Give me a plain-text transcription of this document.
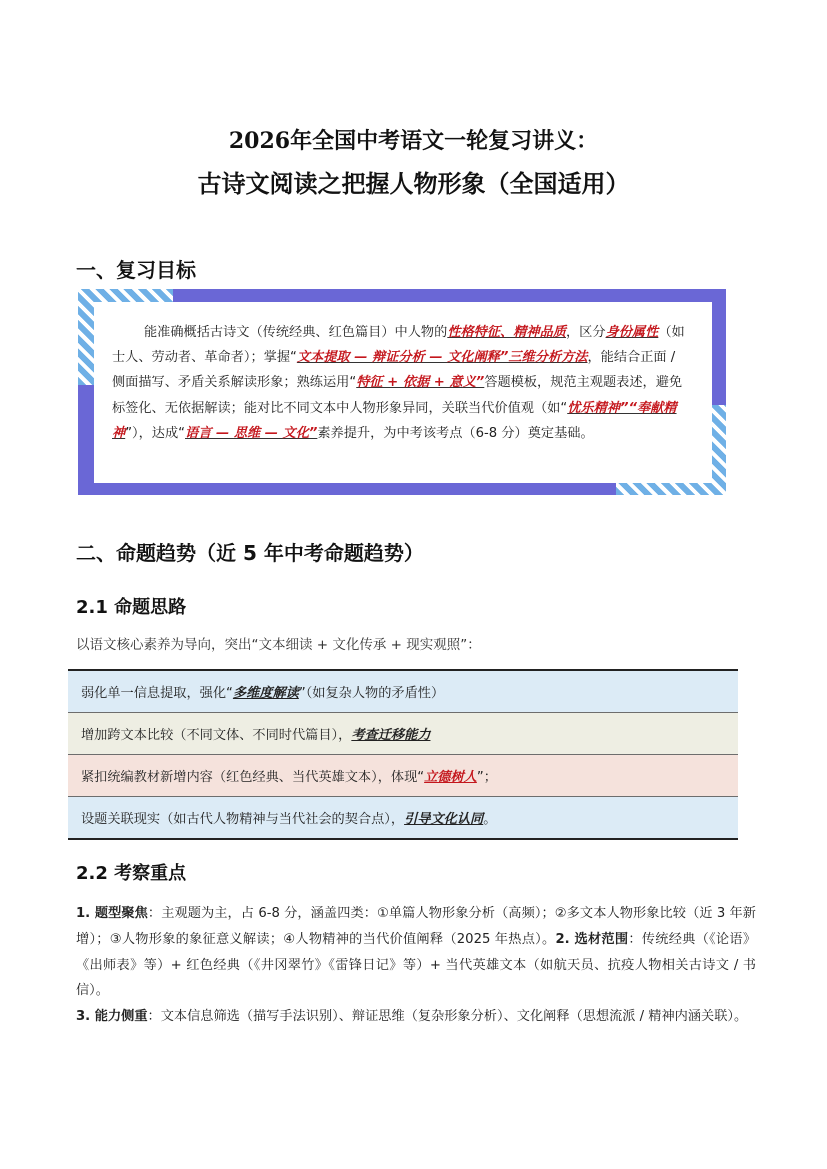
2026年全国中考语文一轮复习讲义：
古诗文阅读之把握人物形象（全国适用）
一、复习目标
能准确概括古诗文（传统经典、红色篇目）中人物的性格特征、精神品质，区分身份属性（如士人、劳动者、革命者）；掌握“文本提取 — 辩证分析 — 文化阐释”三维分析方法，能结合正面 / 侧面描写、矛盾关系解读形象；熟练运用“特征 + 依据 + 意义”答题模板，规范主观题表述，避免标签化、无依据解读；能对比不同文本中人物形象异同，关联当代价值观（如“忧乐精神”“奉献精神”），达成“语言 — 思维 — 文化”素养提升，为中考该考点（6-8 分）奠定基础。
二、命题趋势（近 5 年中考命题趋势）
2.1 命题思路
以语文核心素养为导向，突出“文本细读 + 文化传承 + 现实观照”：
弱化单一信息提取，强化“多维度解读”（如复杂人物的矛盾性）
增加跨文本比较（不同文体、不同时代篇目），考查迁移能力
紧扣统编教材新增内容（红色经典、当代英雄文本），体现“立德树人”；
设题关联现实（如古代人物精神与当代社会的契合点），引导文化认同。
2.2 考察重点
1. 题型聚焦：主观题为主，占 6-8 分，涵盖四类：①单篇人物形象分析（高频）；②多文本人物形象比较（近 3 年新增）；③人物形象的象征意义解读；④人物精神的当代价值阐释（2025 年热点）。2. 选材范围：传统经典（《论语》《出师表》等）+ 红色经典（《井冈翠竹》《雷锋日记》等）+ 当代英雄文本（如航天员、抗疫人物相关古诗文 / 书信）。
3. 能力侧重：文本信息筛选（描写手法识别）、辩证思维（复杂形象分析）、文化阐释（思想流派 / 精神内涵关联）。
